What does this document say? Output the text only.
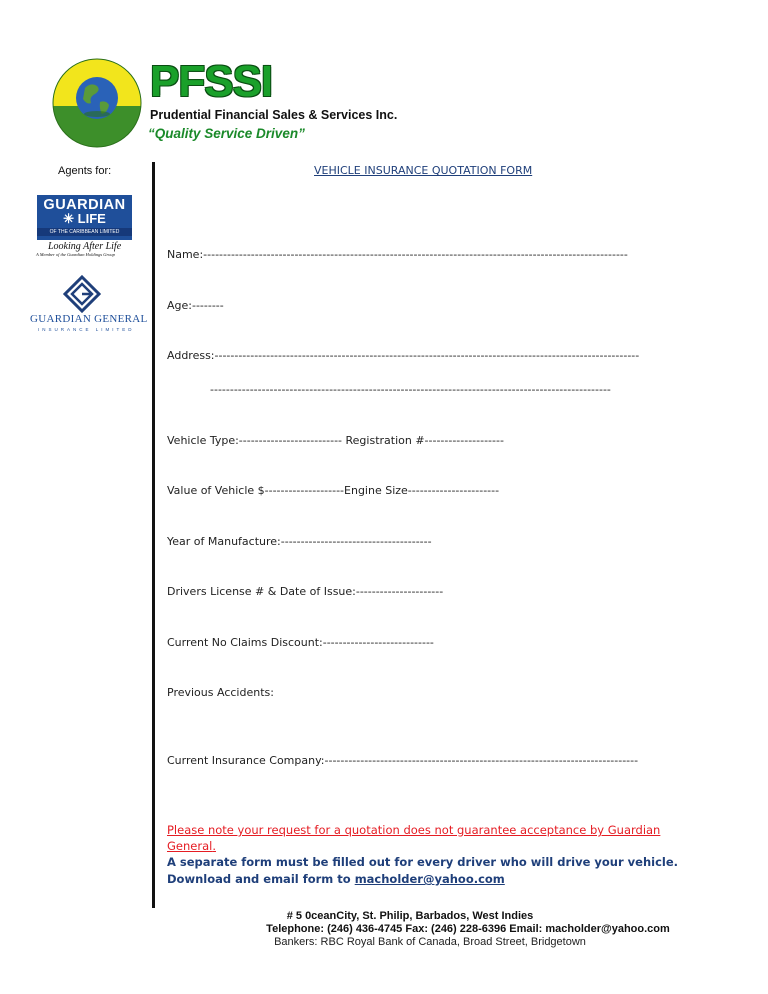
PFSSI
Prudential Financial Sales & Services Inc.
“Quality Service Driven”
Agents for:
GUARDIAN
✳ LIFE
OF THE CARIBBEAN LIMITED
Looking After Life
A Member of the Guardian Holdings Group
GUARDIAN GENERAL
INSURANCE LIMITED
VEHICLE INSURANCE QUOTATION FORM
Name:-----------------------------------------------------------------------------------------------------------
Age:--------
Address:-----------------------------------------------------------------------------------------------------------
-----------------------------------------------------------------------------------------------------
Vehicle Type:-------------------------- Registration #--------------------
Value of Vehicle $--------------------Engine Size-----------------------
Year of Manufacture:--------------------------------------
Drivers License # & Date of Issue:----------------------
Current No Claims Discount:----------------------------
Previous Accidents:
Current Insurance Company:-------------------------------------------------------------------------------
Please note your request for a quotation does not guarantee acceptance by Guardian General.
A separate form must be filled out for every driver who will drive your vehicle.
Download and email form to macholder@yahoo.com
# 5 0ceanCity, St. Philip, Barbados, West Indies
Telephone: (246) 436-4745 Fax: (246) 228-6396 Email: macholder@yahoo.com
Bankers: RBC Royal Bank of Canada, Broad Street, Bridgetown
